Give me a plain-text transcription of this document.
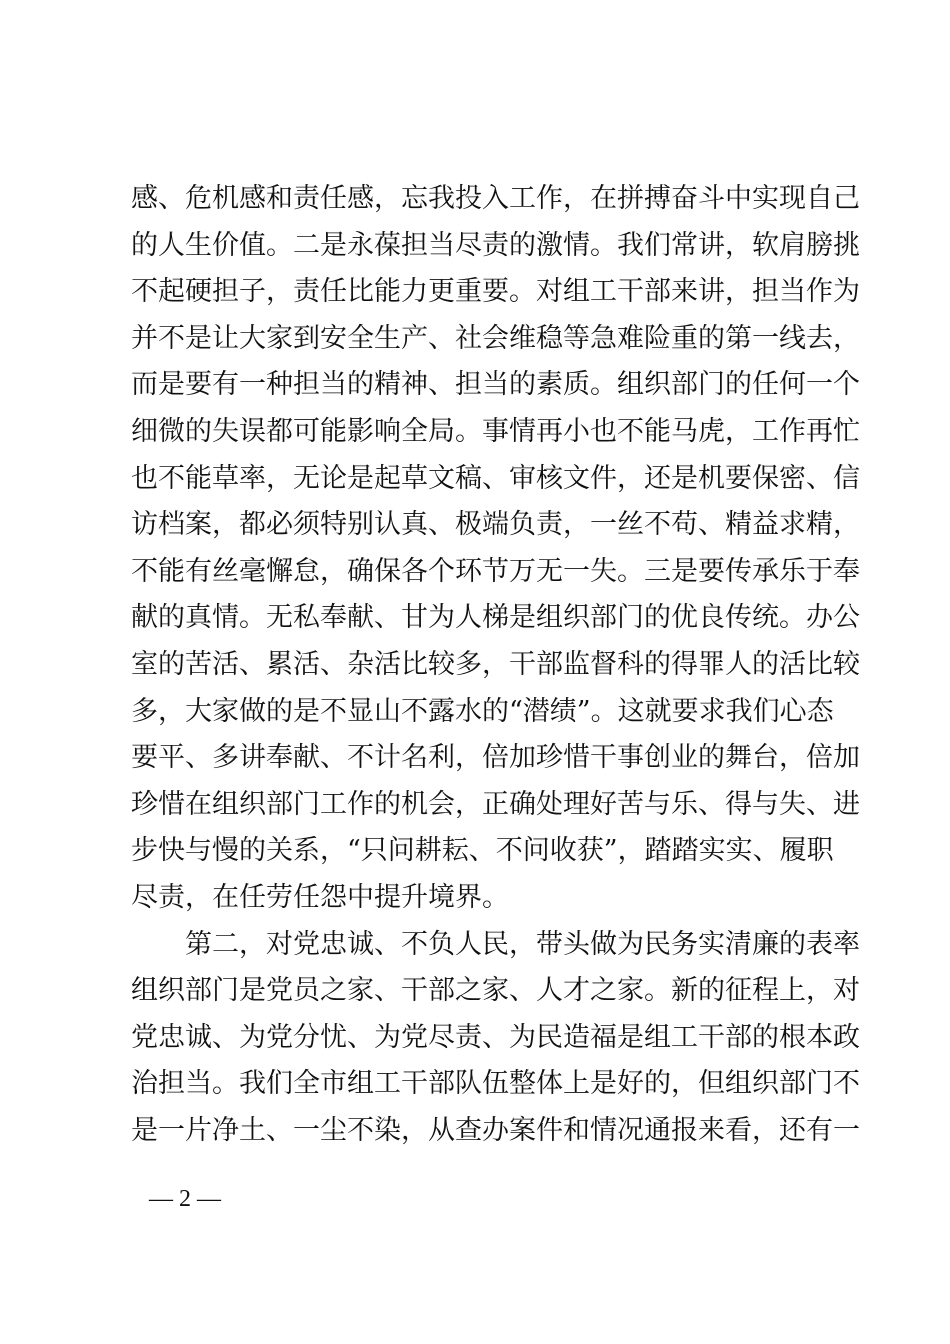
感、危机感和责任感，忘我投入工作，在拼搏奋斗中实现自己
的人生价值。二是永葆担当尽责的激情。我们常讲，软肩膀挑
不起硬担子，责任比能力更重要。对组工干部来讲，担当作为
并不是让大家到安全生产、社会维稳等急难险重的第一线去，
而是要有一种担当的精神、担当的素质。组织部门的任何一个
细微的失误都可能影响全局。事情再小也不能马虎，工作再忙
也不能草率，无论是起草文稿、审核文件，还是机要保密、信
访档案，都必须特别认真、极端负责，一丝不苟、精益求精，
不能有丝毫懈怠，确保各个环节万无一失。三是要传承乐于奉
献的真情。无私奉献、甘为人梯是组织部门的优良传统。办公
室的苦活、累活、杂活比较多，干部监督科的得罪人的活比较
多，大家做的是不显山不露水的“潜绩”。这就要求我们心态
要平、多讲奉献、不计名利，倍加珍惜干事创业的舞台，倍加
珍惜在组织部门工作的机会，正确处理好苦与乐、得与失、进
步快与慢的关系，“只问耕耘、不问收获”，踏踏实实、履职
尽责，在任劳任怨中提升境界。
第二，对党忠诚、不负人民，带头做为民务实清廉的表率
组织部门是党员之家、干部之家、人才之家。新的征程上，对
党忠诚、为党分忧、为党尽责、为民造福是组工干部的根本政
治担当。我们全市组工干部队伍整体上是好的，但组织部门不
是一片净土、一尘不染，从查办案件和情况通报来看，还有一
— 2 —
